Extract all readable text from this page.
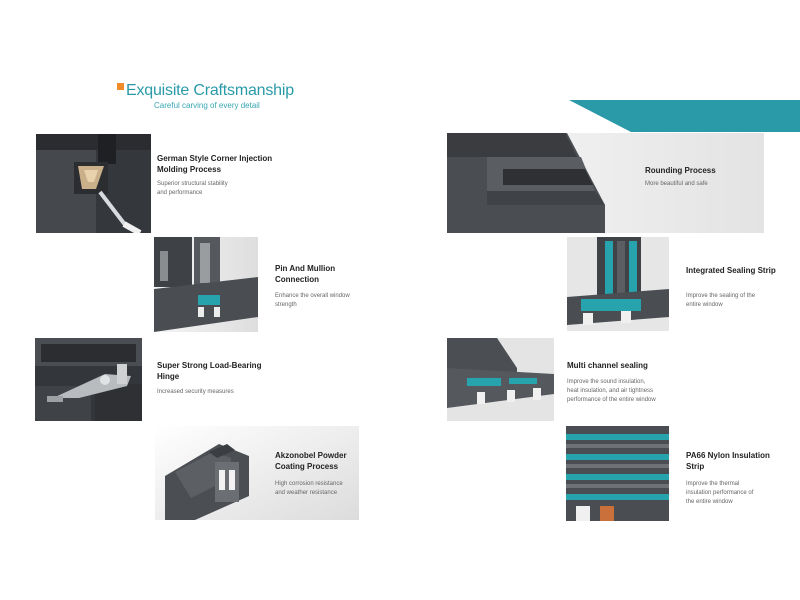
Exquisite Craftsmanship
Careful carving of every detail
German Style Corner Injection
Molding Process
Superior structural stability
and performance
Pin And Mullion
Connection
Enhance the overall window
strength
Super Strong Load-Bearing
Hinge
Increased security measures
Akzonobel Powder
Coating Process
High corrosion resistance
and weather resistance
Rounding Process
More beautiful and safe
Integrated Sealing Strip
Improve the sealing of the
entire window
Multi channel sealing
Improve the sound insulation,
heat insulation, and air tightness
performance of the entire window
PA66 Nylon Insulation
Strip
Improve the thermal
insulation performance of
the entire window
